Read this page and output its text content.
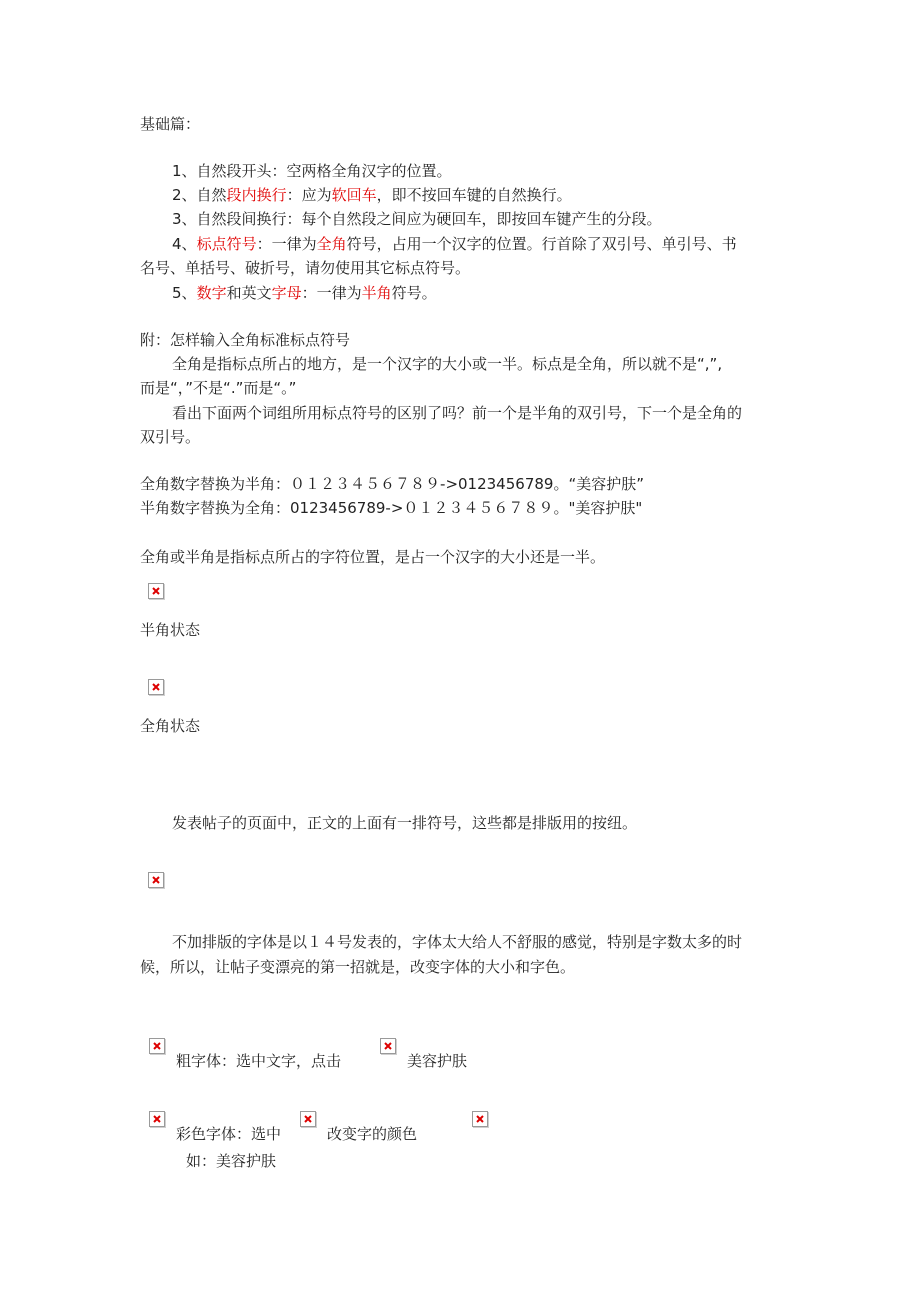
基础篇：
1、自然段开头：空两格全角汉字的位置。
2、自然段内换行：应为软回车，即不按回车键的自然换行。
3、自然段间换行：每个自然段之间应为硬回车，即按回车键产生的分段。
4、标点符号：一律为全角符号，占用一个汉字的位置。行首除了双引号、单引号、书
名号、单括号、破折号，请勿使用其它标点符号。
5、数字和英文字母：一律为半角符号。
附：怎样输入全角标准标点符号
全角是指标点所占的地方，是一个汉字的大小或一半。标点是全角，所以就不是“,”,
而是“，”不是“.”而是“。”
看出下面两个词组所用标点符号的区别了吗？前一个是半角的双引号，下一个是全角的
双引号。
全角数字替换为半角：０１２３４５６７８９->0123456789。“美容护肤”
半角数字替换为全角：0123456789->０１２３４５６７８９。"美容护肤"
全角或半角是指标点所占的字符位置，是占一个汉字的大小还是一半。
半角状态
全角状态
发表帖子的页面中，正文的上面有一排符号，这些都是排版用的按纽。
不加排版的字体是以１４号发表的，字体太大给人不舒服的感觉，特别是字数太多的时
候，所以，让帖子变漂亮的第一招就是，改变字体的大小和字色。
粗字体：选中文字，点击	美容护肤
彩色字体：选中	改变字的颜色
如：美容护肤
